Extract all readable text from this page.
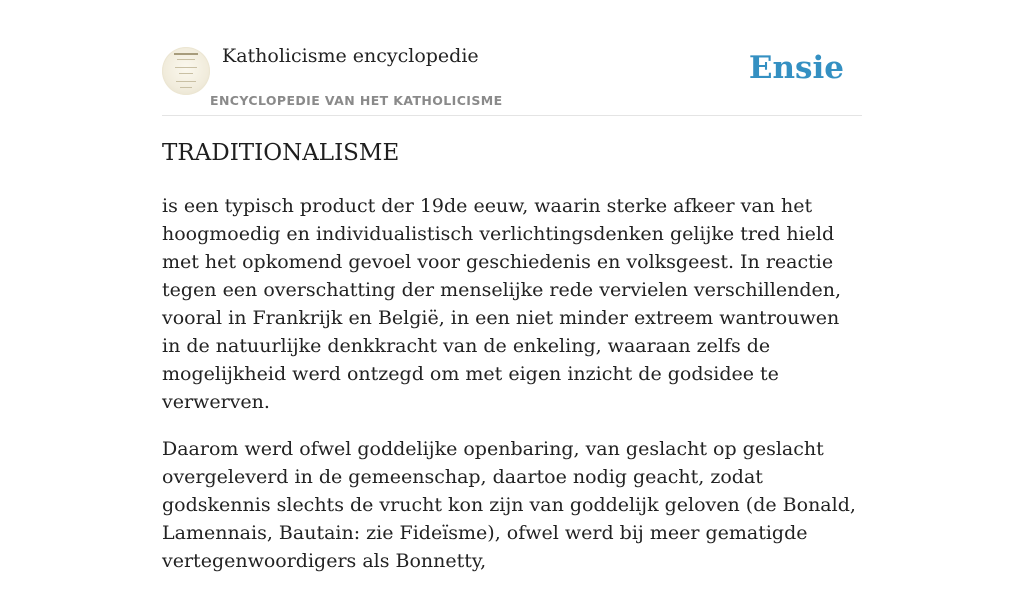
Katholicisme encyclopedie
ENCYCLOPEDIE VAN HET KATHOLICISME
Ensie
TRADITIONALISME

is een typisch product der 19de eeuw, waarin sterke afkeer van het hoogmoedig en individualistisch verlichtingsdenken gelijke tred hield met het opkomend gevoel voor geschiedenis en volksgeest. In reactie tegen een overschatting der menselijke rede vervielen verschillenden, vooral in Frankrijk en België, in een niet minder extreem wantrouwen in de natuurlijke denkkracht van de enkeling, waaraan zelfs de mogelijkheid werd ontzegd om met eigen inzicht de godsidee te verwerven.

Daarom werd ofwel goddelijke openbaring, van geslacht op geslacht overgeleverd in de gemeenschap, daartoe nodig geacht, zodat godskennis slechts de vrucht kon zijn van goddelijk geloven (de Bonald, Lamennais, Bautain: zie Fideïsme), ofwel werd bij meer gematigde vertegenwoordigers als Bonnetty,
